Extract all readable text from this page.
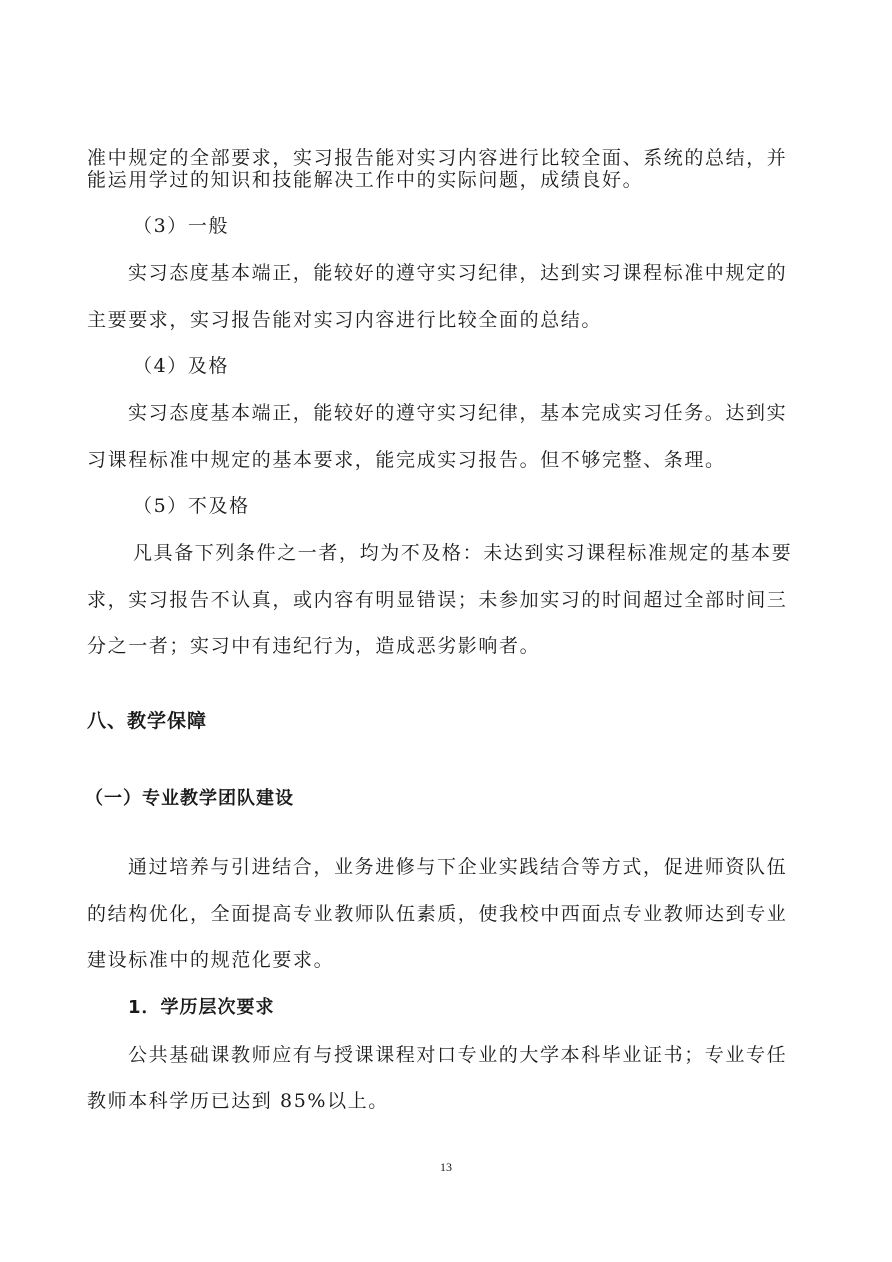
准中规定的全部要求，实习报告能对实习内容进行比较全面、系统的总结，并
能运用学过的知识和技能解决工作中的实际问题，成绩良好。
（3）一般
实习态度基本端正，能较好的遵守实习纪律，达到实习课程标准中规定的
主要要求，实习报告能对实习内容进行比较全面的总结。
（4）及格
实习态度基本端正，能较好的遵守实习纪律，基本完成实习任务。达到实
习课程标准中规定的基本要求，能完成实习报告。但不够完整、条理。
（5）不及格
凡具备下列条件之一者，均为不及格：未达到实习课程标准规定的基本要
求，实习报告不认真，或内容有明显错误；未参加实习的时间超过全部时间三
分之一者；实习中有违纪行为，造成恶劣影响者。
八、教学保障
（一）专业教学团队建设
通过培养与引进结合，业务进修与下企业实践结合等方式，促进师资队伍
的结构优化，全面提高专业教师队伍素质，使我校中西面点专业教师达到专业
建设标准中的规范化要求。
1．学历层次要求
公共基础课教师应有与授课课程对口专业的大学本科毕业证书；专业专任
教师本科学历已达到 85%以上。
13
